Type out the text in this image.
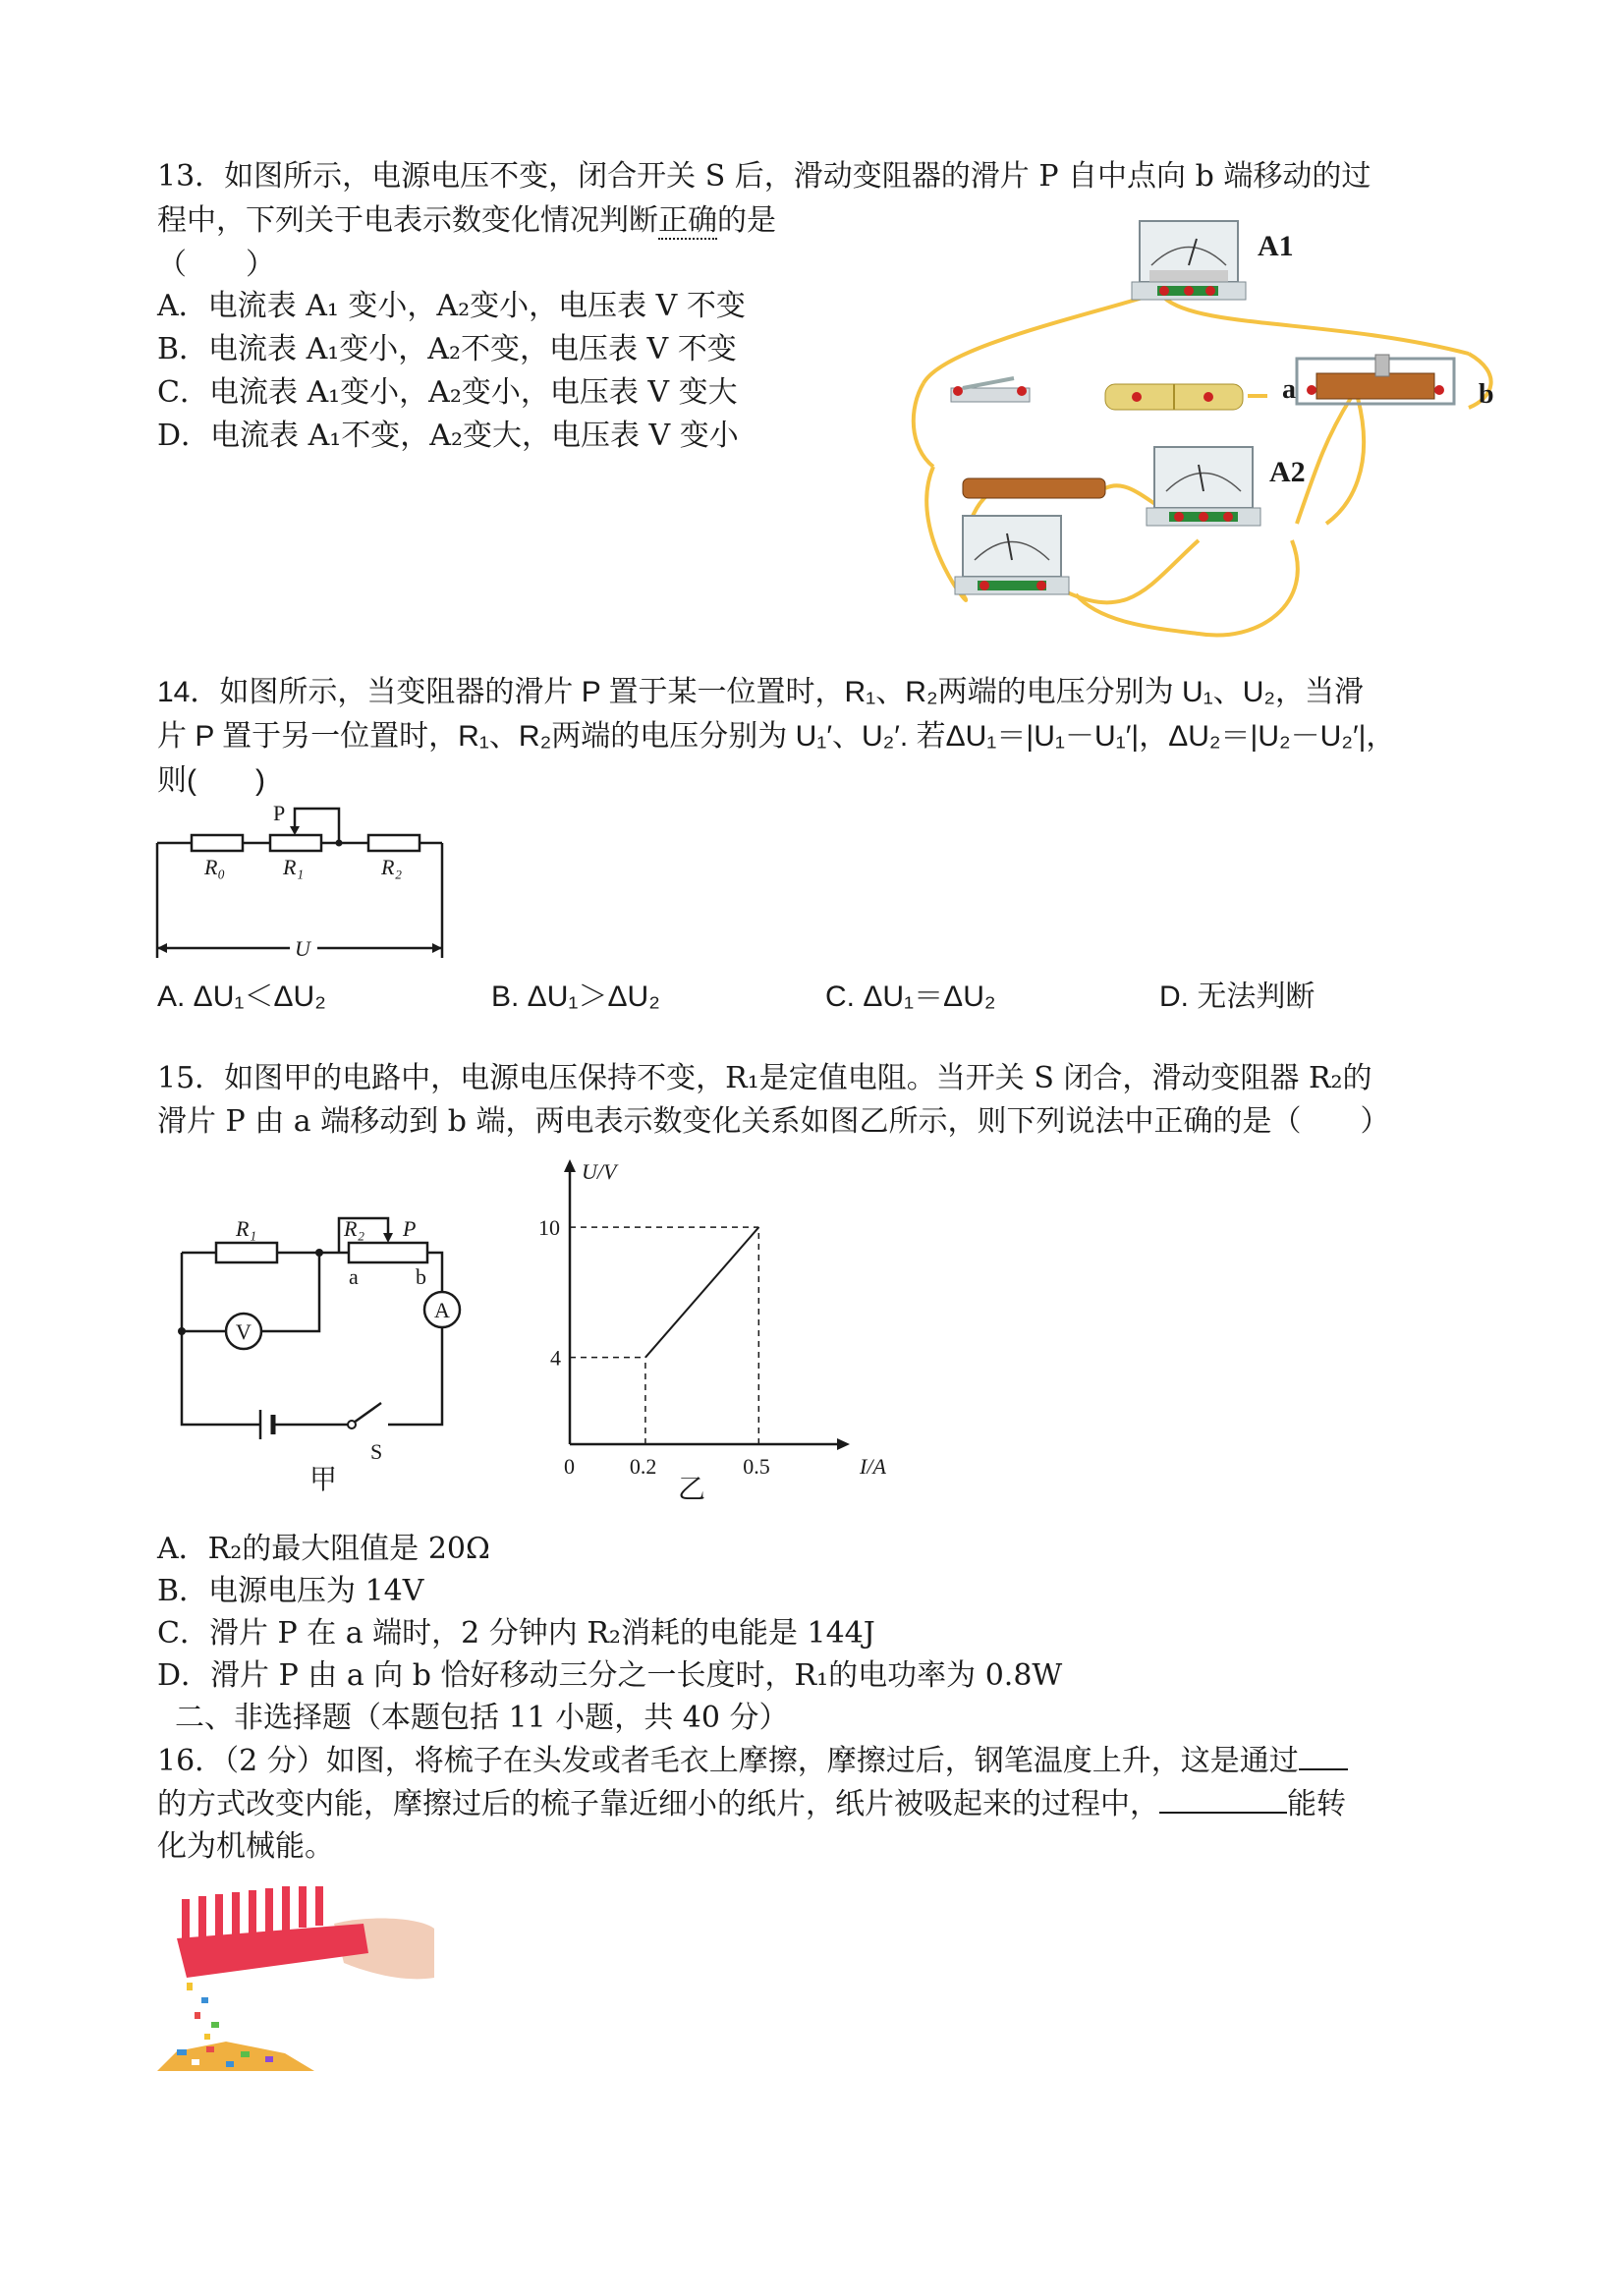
13．如图所示，电源电压不变，闭合开关 S 后，滑动变阻器的滑片 P 自中点向 b 端移动的过
程中，下列关于电表示数变化情况判断正确的是
（　　）
A．电流表 A₁ 变小，A₂变小，电压表 V 不变
B．电流表 A₁变小，A₂不变，电压表 V 不变
C．电流表 A₁变小，A₂变小，电压表 V 变大
D．电流表 A₁不变，A₂变大，电压表 V 变小
A1
a	b
A2
14．如图所示，当变阻器的滑片 P 置于某一位置时，R₁、R₂两端的电压分别为 U₁、U₂，当滑
片 P 置于另一位置时，R₁、R₂两端的电压分别为 U₁′、U₂′. 若ΔU₁＝|U₁－U₁′|，ΔU₂＝|U₂－U₂′|，
则(　　)
P
R₀	R₁	R₂
U
A. ΔU₁＜ΔU₂	B. ΔU₁＞ΔU₂	C. ΔU₁＝ΔU₂	D. 无法判断
15．如图甲的电路中，电源电压保持不变，R₁是定值电阻。当开关 S 闭合，滑动变阻器 R₂的
滑片 P 由 a 端移动到 b 端，两电表示数变化关系如图乙所示，则下列说法中正确的是（　　）
R₁	R₂ P
a	b
V
A
S
甲	0	0.2	0.5
4
10
I/A
U/V
乙
A．R₂的最大阻值是 20Ω
B．电源电压为 14V
C．滑片 P 在 a 端时，2 分钟内 R₂消耗的电能是 144J
D．滑片 P 由 a 向 b 恰好移动三分之一长度时，R₁的电功率为 0.8W
二、非选择题（本题包括 11 小题，共 40 分）
16．（2 分）如图，将梳子在头发或者毛衣上摩擦，摩擦过后，钢笔温度上升，这是通过
的方式改变内能，摩擦过后的梳子靠近细小的纸片，纸片被吸起来的过程中，	能转
化为机械能。
